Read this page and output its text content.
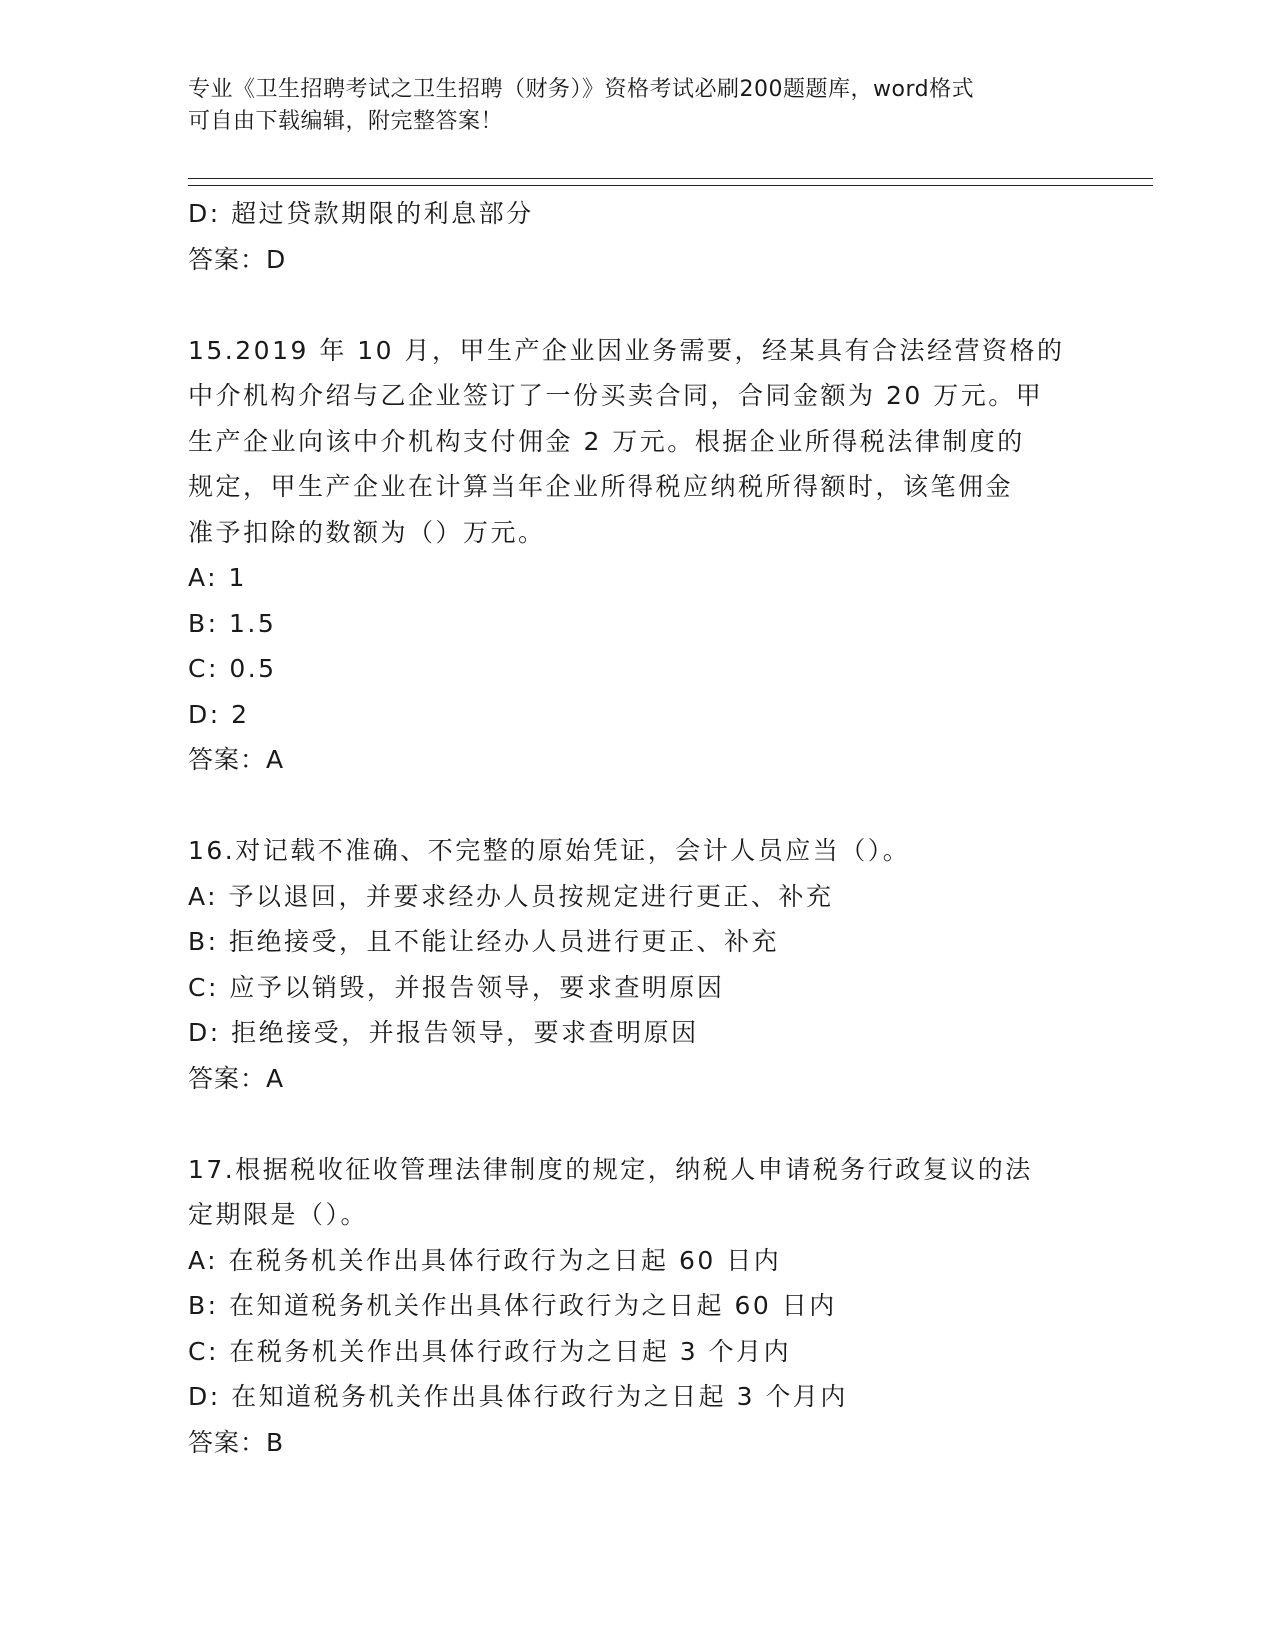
专业《卫生招聘考试之卫生招聘（财务）》资格考试必刷200题题库，word格式
可自由下载编辑，附完整答案！
D: 超过贷款期限的利息部分
答案：D
15.2019 年 10 月，甲生产企业因业务需要，经某具有合法经营资格的
中介机构介绍与乙企业签订了一份买卖合同，合同金额为 20 万元。甲
生产企业向该中介机构支付佣金 2 万元。根据企业所得税法律制度的
规定，甲生产企业在计算当年企业所得税应纳税所得额时，该笔佣金
准予扣除的数额为（）万元。
A: 1
B: 1.5
C: 0.5
D: 2
答案：A
16.对记载不准确、不完整的原始凭证，会计人员应当（）。
A: 予以退回，并要求经办人员按规定进行更正、补充
B: 拒绝接受，且不能让经办人员进行更正、补充
C: 应予以销毁，并报告领导，要求查明原因
D: 拒绝接受，并报告领导，要求查明原因
答案：A
17.根据税收征收管理法律制度的规定，纳税人申请税务行政复议的法
定期限是（）。
A: 在税务机关作出具体行政行为之日起 60 日内
B: 在知道税务机关作出具体行政行为之日起 60 日内
C: 在税务机关作出具体行政行为之日起 3 个月内
D: 在知道税务机关作出具体行政行为之日起 3 个月内
答案：B
